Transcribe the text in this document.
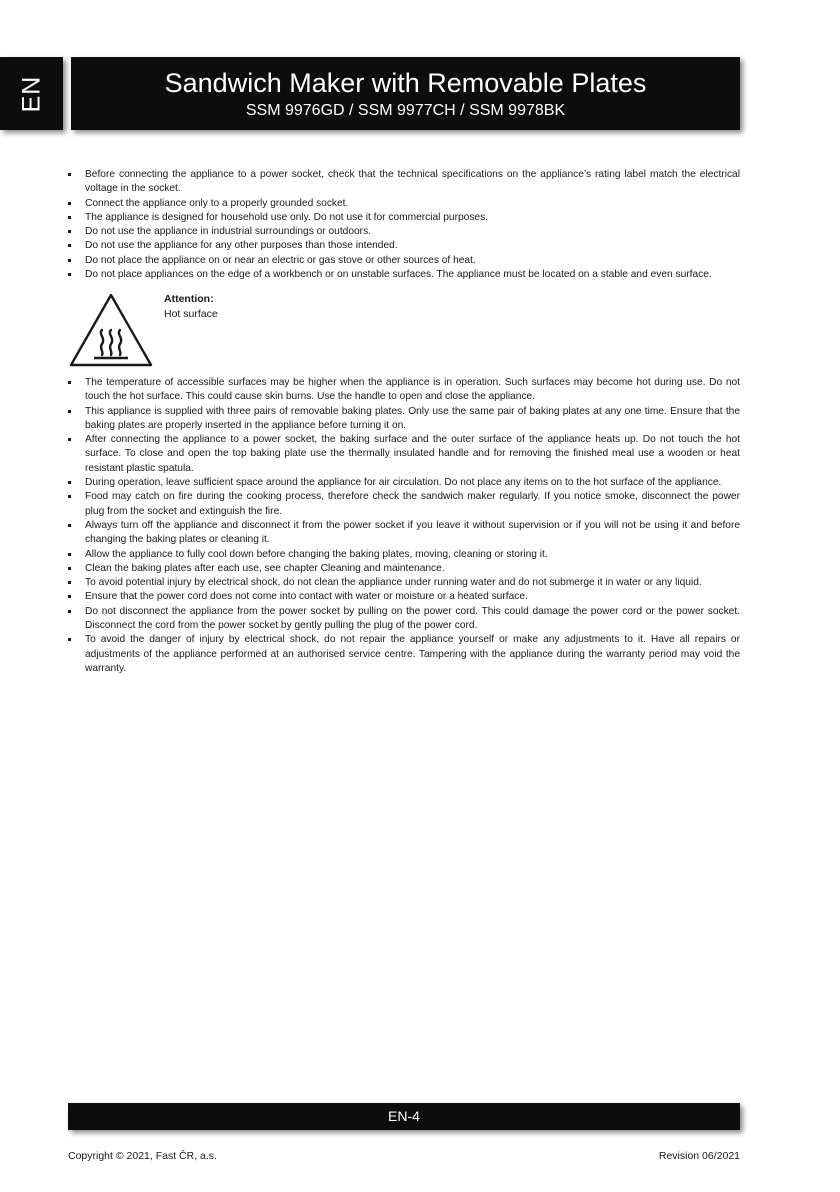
EN	Sandwich Maker with Removable Plates
SSM 9976GD / SSM 9977CH / SSM 9978BK
Before connecting the appliance to a power socket, check that the technical specifications on the appliance’s rating label match the electrical voltage in the socket.
Connect the appliance only to a properly grounded socket.
The appliance is designed for household use only. Do not use it for commercial purposes.
Do not use the appliance in industrial surroundings or outdoors.
Do not use the appliance for any other purposes than those intended.
Do not place the appliance on or near an electric or gas stove or other sources of heat.
Do not place appliances on the edge of a workbench or on unstable surfaces. The appliance must be located on a stable and even surface.
Attention:
Hot surface
The temperature of accessible surfaces may be higher when the appliance is in operation. Such surfaces may become hot during use. Do not touch the hot surface. This could cause skin burns. Use the handle to open and close the appliance.
This appliance is supplied with three pairs of removable baking plates. Only use the same pair of baking plates at any one time. Ensure that the baking plates are properly inserted in the appliance before turning it on.
After connecting the appliance to a power socket, the baking surface and the outer surface of the appliance heats up. Do not touch the hot surface. To close and open the top baking plate use the thermally insulated handle and for removing the finished meal use a wooden or heat resistant plastic spatula.
During operation, leave sufficient space around the appliance for air circulation. Do not place any items on to the hot surface of the appliance.
Food may catch on fire during the cooking process, therefore check the sandwich maker regularly. If you notice smoke, disconnect the power plug from the socket and extinguish the fire.
Always turn off the appliance and disconnect it from the power socket if you leave it without supervision or if you will not be using it and before changing the baking plates or cleaning it.
Allow the appliance to fully cool down before changing the baking plates, moving, cleaning or storing it.
Clean the baking plates after each use, see chapter Cleaning and maintenance.
To avoid potential injury by electrical shock, do not clean the appliance under running water and do not submerge it in water or any liquid.
Ensure that the power cord does not come into contact with water or moisture or a heated surface.
Do not disconnect the appliance from the power socket by pulling on the power cord. This could damage the power cord or the power socket. Disconnect the cord from the power socket by gently pulling the plug of the power cord.
To avoid the danger of injury by electrical shock, do not repair the appliance yourself or make any adjustments to it. Have all repairs or adjustments of the appliance performed at an authorised service centre. Tampering with the appliance during the warranty period may void the warranty.
EN-4
Copyright © 2021, Fast ČR, a.s.	Revision 06/2021
